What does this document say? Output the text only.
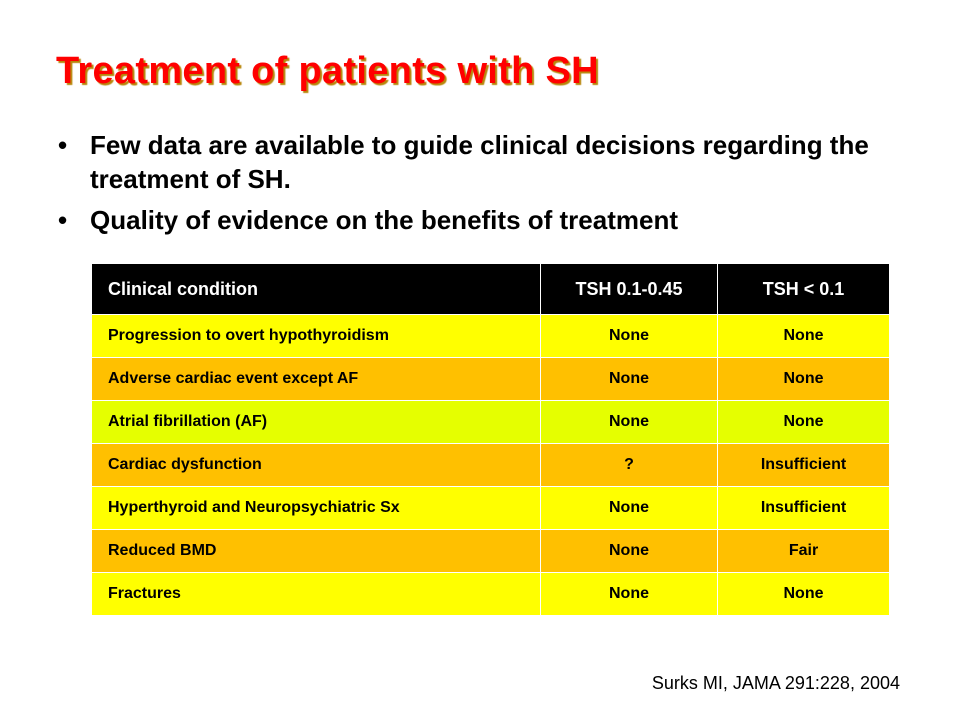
Treatment of patients with SH
• Few data are available to guide clinical decisions regarding the treatment of SH.
• Quality of evidence on the benefits of treatment
Clinical condition	TSH 0.1-0.45	TSH < 0.1
Progression to overt hypothyroidism	None	None
Adverse cardiac event except AF	None	None
Atrial fibrillation (AF)	None	None
Cardiac dysfunction	?	Insufficient
Hyperthyroid and Neuropsychiatric Sx	None	Insufficient
Reduced BMD	None	Fair
Fractures	None	None

Surks MI, JAMA 291:228, 2004
